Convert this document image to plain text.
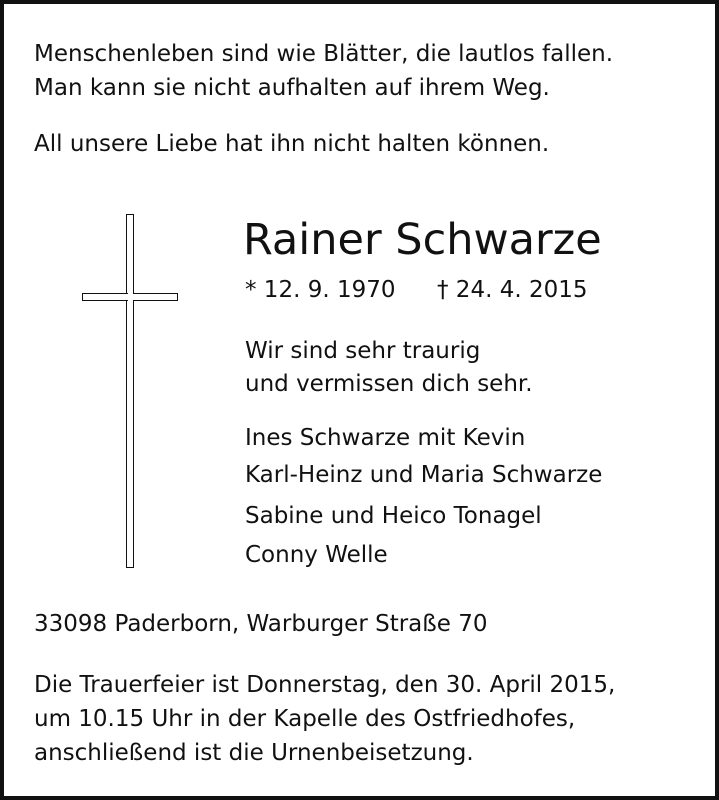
Menschenleben sind wie Blätter, die lautlos fallen.
Man kann sie nicht aufhalten auf ihrem Weg.
All unsere Liebe hat ihn nicht halten können.
Rainer Schwarze
* 12. 9. 1970 † 24. 4. 2015
Wir sind sehr traurig
und vermissen dich sehr.
Ines Schwarze mit Kevin
Karl-Heinz und Maria Schwarze
Sabine und Heico Tonagel
Conny Welle
33098 Paderborn, Warburger Straße 70
Die Trauerfeier ist Donnerstag, den 30. April 2015,
um 10.15 Uhr in der Kapelle des Ostfriedhofes,
anschließend ist die Urnenbeisetzung.
